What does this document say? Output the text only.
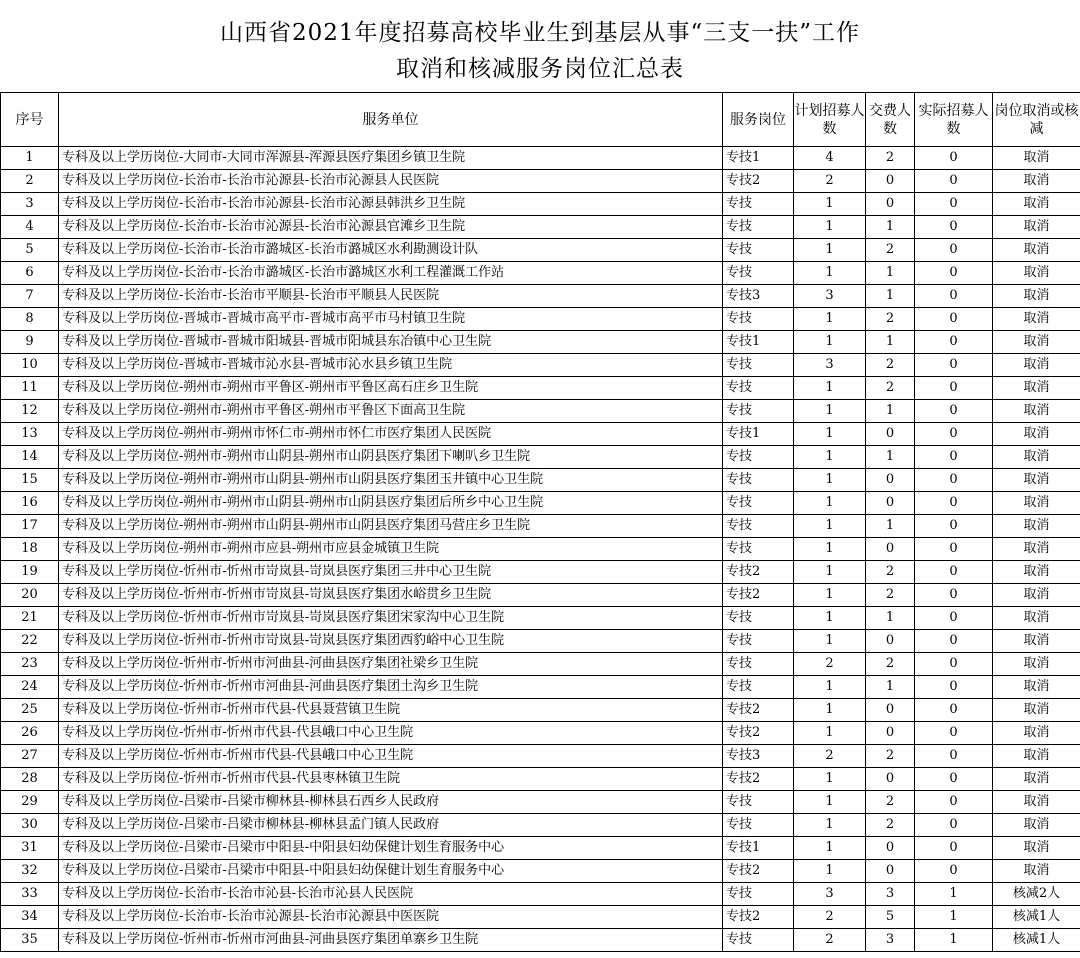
山西省2021年度招募高校毕业生到基层从事“三支一扶”工作
取消和核减服务岗位汇总表
序号	服务单位	服务岗位	计划招募人数	交费人数	实际招募人数	岗位取消或核减
1	专科及以上学历岗位-大同市-大同市浑源县-浑源县医疗集团乡镇卫生院	专技1	4	2	0	取消
2	专科及以上学历岗位-长治市-长治市沁源县-长治市沁源县人民医院	专技2	2	0	0	取消
3	专科及以上学历岗位-长治市-长治市沁源县-长治市沁源县韩洪乡卫生院	专技	1	0	0	取消
4	专科及以上学历岗位-长治市-长治市沁源县-长治市沁源县官滩乡卫生院	专技	1	1	0	取消
5	专科及以上学历岗位-长治市-长治市潞城区-长治市潞城区水利勘测设计队	专技	1	2	0	取消
6	专科及以上学历岗位-长治市-长治市潞城区-长治市潞城区水利工程灌溉工作站	专技	1	1	0	取消
7	专科及以上学历岗位-长治市-长治市平顺县-长治市平顺县人民医院	专技3	3	1	0	取消
8	专科及以上学历岗位-晋城市-晋城市高平市-晋城市高平市马村镇卫生院	专技	1	2	0	取消
9	专科及以上学历岗位-晋城市-晋城市阳城县-晋城市阳城县东冶镇中心卫生院	专技1	1	1	0	取消
10	专科及以上学历岗位-晋城市-晋城市沁水县-晋城市沁水县乡镇卫生院	专技	3	2	0	取消
11	专科及以上学历岗位-朔州市-朔州市平鲁区-朔州市平鲁区高石庄乡卫生院	专技	1	2	0	取消
12	专科及以上学历岗位-朔州市-朔州市平鲁区-朔州市平鲁区下面高卫生院	专技	1	1	0	取消
13	专科及以上学历岗位-朔州市-朔州市怀仁市-朔州市怀仁市医疗集团人民医院	专技1	1	0	0	取消
14	专科及以上学历岗位-朔州市-朔州市山阴县-朔州市山阴县医疗集团下喇叭乡卫生院	专技	1	1	0	取消
15	专科及以上学历岗位-朔州市-朔州市山阴县-朔州市山阴县医疗集团玉井镇中心卫生院	专技	1	0	0	取消
16	专科及以上学历岗位-朔州市-朔州市山阴县-朔州市山阴县医疗集团后所乡中心卫生院	专技	1	0	0	取消
17	专科及以上学历岗位-朔州市-朔州市山阴县-朔州市山阴县医疗集团马营庄乡卫生院	专技	1	1	0	取消
18	专科及以上学历岗位-朔州市-朔州市应县-朔州市应县金城镇卫生院	专技	1	0	0	取消
19	专科及以上学历岗位-忻州市-忻州市岢岚县-岢岚县医疗集团三井中心卫生院	专技2	1	2	0	取消
20	专科及以上学历岗位-忻州市-忻州市岢岚县-岢岚县医疗集团水峪贯乡卫生院	专技2	1	2	0	取消
21	专科及以上学历岗位-忻州市-忻州市岢岚县-岢岚县医疗集团宋家沟中心卫生院	专技	1	1	0	取消
22	专科及以上学历岗位-忻州市-忻州市岢岚县-岢岚县医疗集团西豹峪中心卫生院	专技	1	0	0	取消
23	专科及以上学历岗位-忻州市-忻州市河曲县-河曲县医疗集团社梁乡卫生院	专技	2	2	0	取消
24	专科及以上学历岗位-忻州市-忻州市河曲县-河曲县医疗集团土沟乡卫生院	专技	1	1	0	取消
25	专科及以上学历岗位-忻州市-忻州市代县-代县聂营镇卫生院	专技2	1	0	0	取消
26	专科及以上学历岗位-忻州市-忻州市代县-代县峨口中心卫生院	专技2	1	0	0	取消
27	专科及以上学历岗位-忻州市-忻州市代县-代县峨口中心卫生院	专技3	2	2	0	取消
28	专科及以上学历岗位-忻州市-忻州市代县-代县枣林镇卫生院	专技2	1	0	0	取消
29	专科及以上学历岗位-吕梁市-吕梁市柳林县-柳林县石西乡人民政府	专技	1	2	0	取消
30	专科及以上学历岗位-吕梁市-吕梁市柳林县-柳林县孟门镇人民政府	专技	1	2	0	取消
31	专科及以上学历岗位-吕梁市-吕梁市中阳县-中阳县妇幼保健计划生育服务中心	专技1	1	0	0	取消
32	专科及以上学历岗位-吕梁市-吕梁市中阳县-中阳县妇幼保健计划生育服务中心	专技2	1	0	0	取消
33	专科及以上学历岗位-长治市-长治市沁县-长治市沁县人民医院	专技	3	3	1	核减2人
34	专科及以上学历岗位-长治市-长治市沁源县-长治市沁源县中医医院	专技2	2	5	1	核减1人
35	专科及以上学历岗位-忻州市-忻州市河曲县-河曲县医疗集团单寨乡卫生院	专技	2	3	1	核减1人
